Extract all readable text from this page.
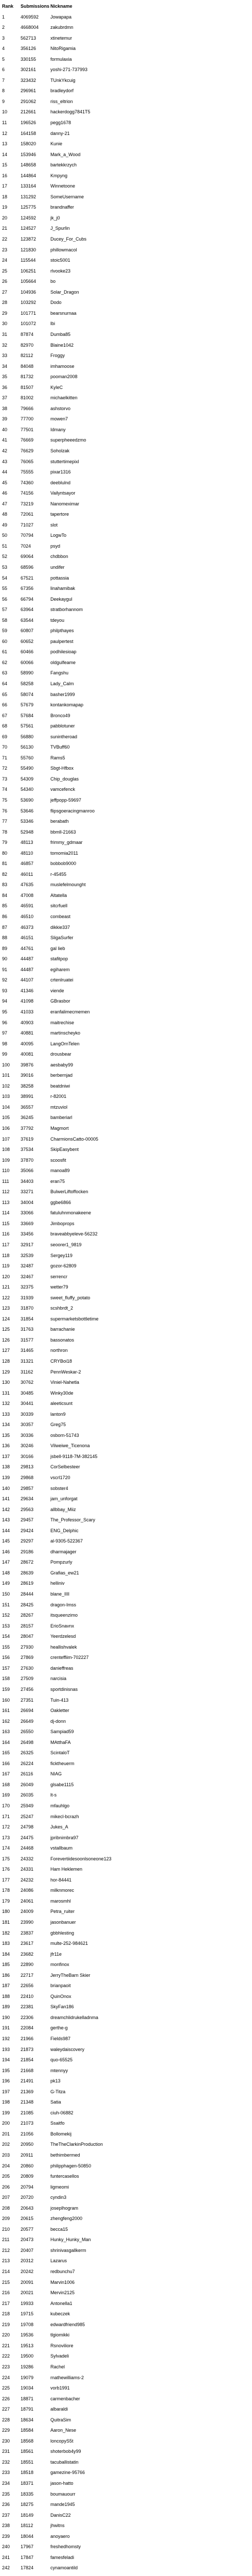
Rank	Submissions	Nickname
1	4069592	Jowapapa
2	4668004	zakubrdmn
3	562713	xtinetemur
4	356126	NitoRigamia
5	330155	formulaxia
6	302161	yoshi-271-737993
7	323432	TUnkYkcuig
8	296961	bradleydorf
9	291062	riss_eltrion
10	212661	hackerdogg7841T5
11	196526	pegg1678
12	164158	danny-21
13	158020	Kunie
14	153946	Mark_a_Wood
15	148658	bartekkrzych
16	144864	Kmpyng
17	133164	Winnetoone
18	131292	SomeUsername
19	125775	brandnaffer
20	124592	jk_j0
21	124527	J_Spurlin
22	123872	Ducey_For_Cubs
23	121830	phillowmacol
24	115544	stoic5001
25	106251	rlvooke23
26	105664	bo
27	104936	Solar_Dragon
28	103292	Dodo
29	101771	bearsnurnaa
30	101072	lbi
31	87874	Dumba85
32	82970	Blaine1042
33	82112	Froggy
34	84048	imhamoose
35	81732	pooman2008
36	81507	KyleC
37	81002	michaelkitten
38	79666	ashstorvo
39	77700	mowen7
40	77501	Idmany
41	76669	superpheeedzmo
42	76629	Soholzak
43	76065	stuttertimepixl
44	75555	pixar1316
45	74360	deeblulnd
46	74156	Vailyntsayor
47	73219	Nanomeximar
48	72061	tapertore
49	71027	slot
50	70794	LogwTo
51	7024	psyd
52	69064	chdbbon
53	68596	undifer
54	67521	pottassia
55	67356	linahamibak
56	66794	Deekaygul
57	63964	stratborhannom
58	63544	tdeyou
59	60807	philpthayes
60	60652	paulpertest
61	60466	podhilesioap
62	60066	oldgulfeame
63	58990	Fangshu
64	58258	Lady_Calm
65	58074	basher1999
66	57679	kontankomapap
67	57684	Bronco49
68	57561	pabblotuner
69	56880	sunintheroad
70	56130	TVBuff60
71	55760	Rams5
72	55490	Sbgt-Hfbox
73	54309	Chip_douglas
74	54340	vamcefenck
75	53690	jeffpopp-59697
76	53646	flipsgoeracingmanroo
77	53346	berabath
78	52948	bbmll-21663
79	48113	frimmy_gdmaar
80	48110	tomomia2011
81	46857	bobbob9000
82	46011	r-45455
83	47635	muslefelmounght
84	47008	Altatella
85	46591	sitcrfuell
86	46510	combeast
87	46373	dikkie337
88	46151	SligaSurfer
89	44761	gal lieb
90	44487	stafitpop
91	44487	egiharem
92	44107	crtenlruatei
93	41346	viende
94	41098	GBrasbor
95	41033	eranfalimecmemen
96	40903	maitrechise
97	40881	martinscheyko
98	40095	LangOrnTelen
99	40081	drousbear
100	39876	aesbaby99
101	39016	berbernjad
102	38258	beatdniwi
103	38991	r-82001
104	36557	mtzuviol
105	36245	bamberiarl
106	37792	Magmort
107	37619	CharmionsCatto-00005
108	37534	SkipEasybent
109	37870	scoosfit
110	35066	manoa89
111	34403	eran75
112	33271	BulwerLiftoffocken
113	34004	ggbe6866
114	33066	fatuluhnmonakeene
115	33669	Jimboprops
116	33456	braveabbyeleve-56232
117	32917	seoorer1_9819
118	32539	Sergey119
119	32487	gozor-62809
120	32467	serrencr
121	32375	wetter79
122	31939	sweet_fluffy_potato
123	31870	scshbrdt_2
124	31854	supermarketsbottletime
125	31763	barrachanie
126	31577	bassonatos
127	31465	northron
128	31321	CRYBoi18
129	31162	PennWeskar-2
130	30762	Viniel-Nahetla
131	30485	Winky30de
132	30441	aleeticsunt
133	30339	lanton9
134	30357	Greg75
135	30336	osborn-51743
136	30246	Vilweiwe_Ticenona
137	30166	jsbell-9118-7M-382145
138	29813	CorSelbesteer
139	29868	vscrl1720
140	29857	sobster4
141	29634	jam_unforgat
142	29563	allbbay_Miiz
143	29457	The_Professor_Scary
144	29424	ENG_Delphic
145	29297	al-9305-522367
146	29186	dharmajager
147	28672	Pompzurly
148	28639	Grafias_ew21
149	28619	helliniv
150	28444	blane_IIII
151	28425	dragon-Imss
152	28267	itsqueenzimo
153	28157	ErioSnavnx
154	28047	Yeerdzelesd
155	27930	heallishvalek
156	27869	crenteffiim-702227
157	27630	danieffreas
158	27509	narcisia
159	27456	sportdinisnas
160	27351	Tuin-413
161	26694	Oakletter
162	26649	dj-donn
163	26550	Sampiad59
164	26498	MAtthaFA
165	26325	ScintaloT
166	26224	ficktheuerm
167	26116	NIAG
168	26049	glsabe1115
169	26035	lt-s
170	25949	mfauhlgo
171	25247	mikecl-bcrazh
172	24798	Jukes_A
173	24475	jpribnimbra97
174	24468	vstallbaum
175	24332	Forevertiidesoonlsoneone123
176	24331	Ham Heklemen
177	24232	hor-84441
178	24086	milknmorec
179	24061	marosmhl
180	24009	Petra_ruiter
181	23990	jasonbanuer
182	23837	gbbhlesting
183	23617	multe-252-984621
184	23682	jfr11e
185	22890	monfinox
186	22717	JerryTheBarn Skier
187	22656	brianpaoit
188	22410	QuinOnox
189	22381	SkyFan186
190	22306	dreamchlidrukelladnma
191	22084	gerthe-g
192	21966	Fields987
193	21873	waleydaiscovery
194	21854	quo-65525
195	21668	mtennyy
196	21491	pk13
197	21369	G-Titza
198	21348	Satia
199	21085	ciuh-06882
200	21073	Ssaitfo
201	21056	Bollomekij
202	20950	TheTheClarkinProduction
203	20911	bethimbermed
204	20860	philipphagen-50850
205	20809	funtercasellos
206	20794	ligmeomi
207	20720	cyndin3
208	20643	joseplhogram
209	20615	zhengfeng2000
210	20577	becca15
211	20473	Hunky_Hunky_Man
212	20407	shrinivasgallkerm
213	20312	Lazarus
214	20242	redbunchu7
215	20091	Marvin1006
216	20021	Mervin2125
217	19933	Antonella1
218	19715	kubeczek
219	19708	edwardfriend985
220	19536	tlgiomikki
221	19513	Rsnoviliore
222	19500	Sylvadeli
223	19286	Rachel
224	19079	rnathewilliams-2
225	19034	vorb1991
226	18871	carmenbacher
227	18791	albaraldi
228	18634	QuitraSim
229	18584	Aaron_Nese
230	18568	loncopyS5t
231	18561	shoterbob4y99
232	18551	tacuballistatin
233	18518	gamezine-95766
234	18371	jason-hatto
235	18335	boumauourr
236	18275	mande1945
237	18149	DanisC22
238	18112	jhwitns
239	18044	anoyaero
240	17967	freshedhomsty
241	17847	famesfeladi
242	17824	cynamoantild
